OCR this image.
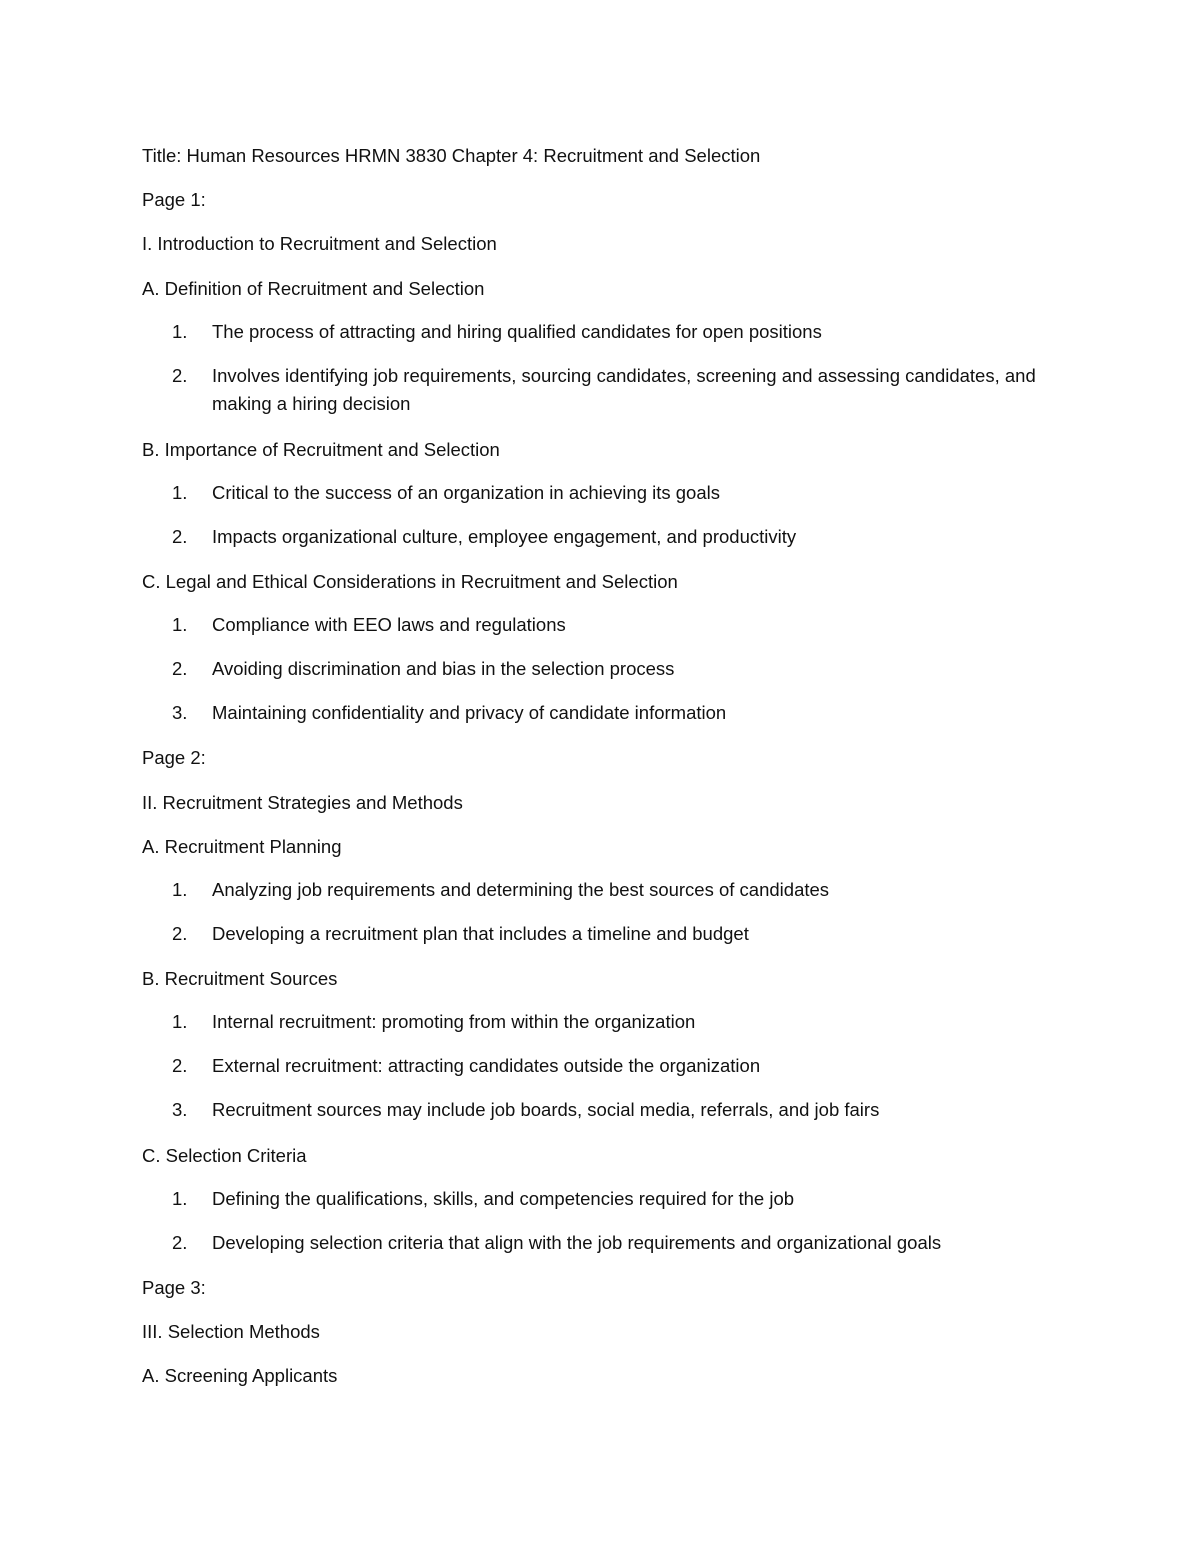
Title: Human Resources HRMN 3830 Chapter 4: Recruitment and Selection
Page 1:
I. Introduction to Recruitment and Selection
A. Definition of Recruitment and Selection
1.	The process of attracting and hiring qualified candidates for open positions
2.	Involves identifying job requirements, sourcing candidates, screening and assessing candidates, and making a hiring decision
B. Importance of Recruitment and Selection
1.	Critical to the success of an organization in achieving its goals
2.	Impacts organizational culture, employee engagement, and productivity
C. Legal and Ethical Considerations in Recruitment and Selection
1.	Compliance with EEO laws and regulations
2.	Avoiding discrimination and bias in the selection process
3.	Maintaining confidentiality and privacy of candidate information
Page 2:
II. Recruitment Strategies and Methods
A. Recruitment Planning
1.	Analyzing job requirements and determining the best sources of candidates
2.	Developing a recruitment plan that includes a timeline and budget
B. Recruitment Sources
1.	Internal recruitment: promoting from within the organization
2.	External recruitment: attracting candidates outside the organization
3.	Recruitment sources may include job boards, social media, referrals, and job fairs
C. Selection Criteria
1.	Defining the qualifications, skills, and competencies required for the job
2.	Developing selection criteria that align with the job requirements and organizational goals
Page 3:
III. Selection Methods
A. Screening Applicants
